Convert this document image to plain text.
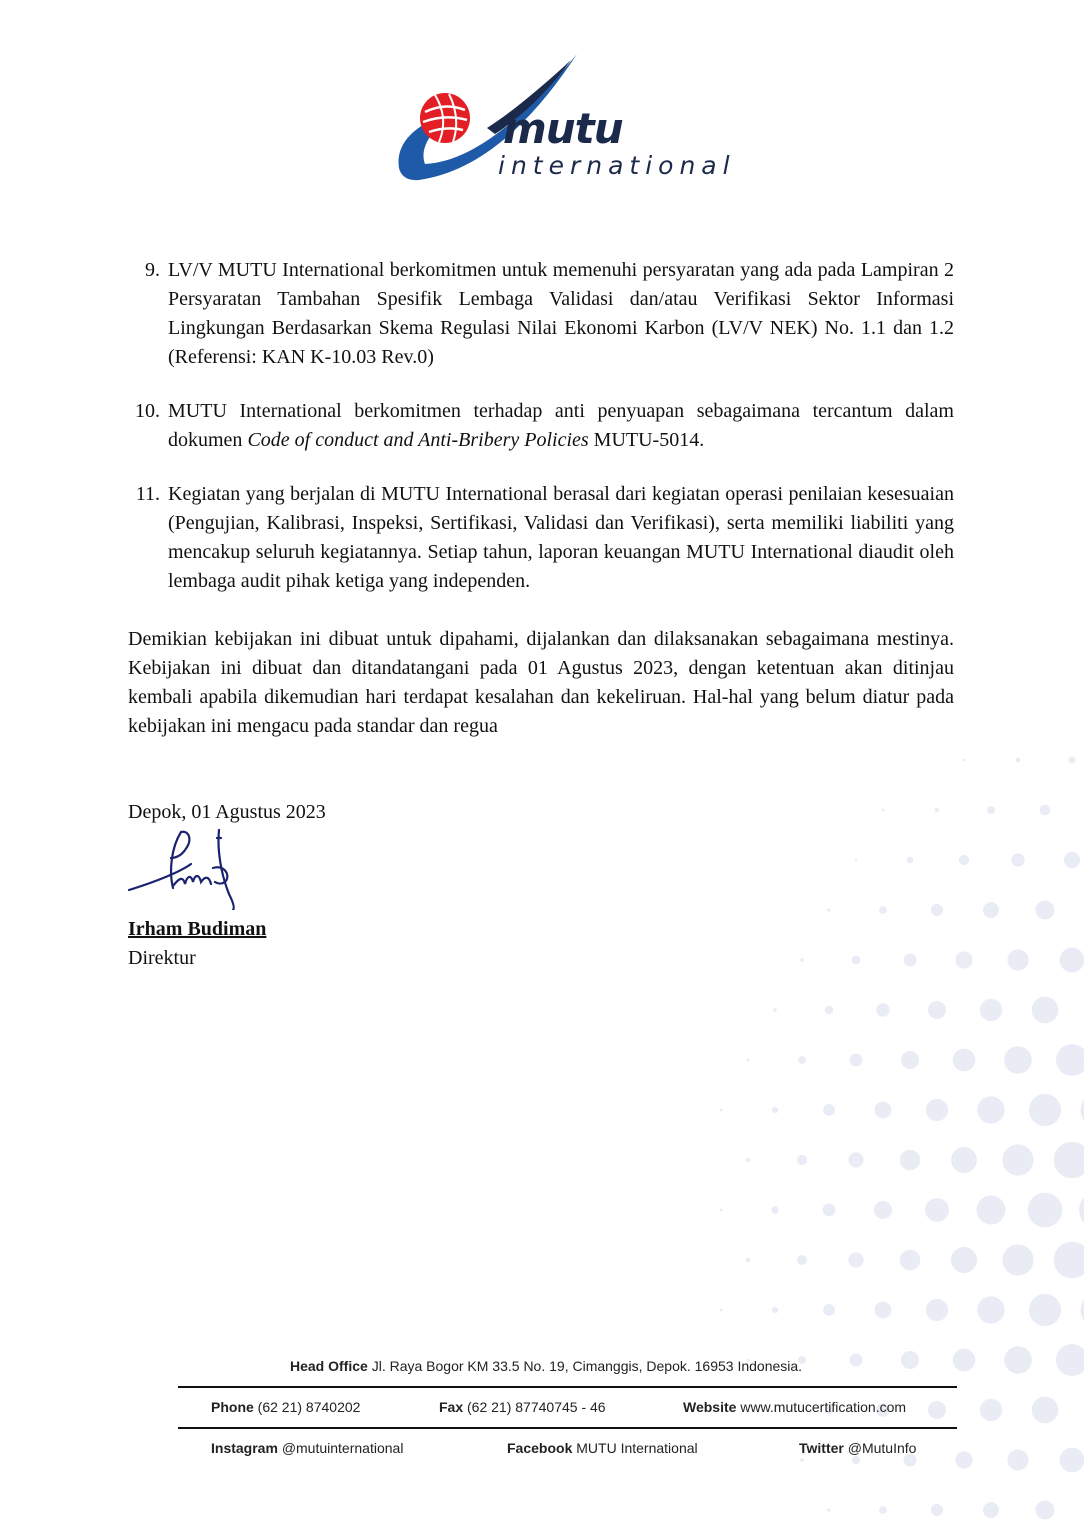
mutu
international
9. LV/V MUTU International berkomitmen untuk memenuhi persyaratan yang ada pada Lampiran 2 Persyaratan Tambahan Spesifik Lembaga Validasi dan/atau Verifikasi Sektor Informasi Lingkungan Berdasarkan Skema Regulasi Nilai Ekonomi Karbon (LV/V NEK) No. 1.1 dan 1.2 (Referensi: KAN K-10.03 Rev.0)
10. MUTU International berkomitmen terhadap anti penyuapan sebagaimana tercantum dalam dokumen Code of conduct and Anti-Bribery Policies MUTU-5014.
11. Kegiatan yang berjalan di MUTU International berasal dari kegiatan operasi penilaian kesesuaian (Pengujian, Kalibrasi, Inspeksi, Sertifikasi, Validasi dan Verifikasi), serta memiliki liabiliti yang mencakup seluruh kegiatannya. Setiap tahun, laporan keuangan MUTU International diaudit oleh lembaga audit pihak ketiga yang independen.
Demikian kebijakan ini dibuat untuk dipahami, dijalankan dan dilaksanakan sebagaimana mestinya. Kebijakan ini dibuat dan ditandatangani pada 01 Agustus 2023, dengan ketentuan akan ditinjau kembali apabila dikemudian hari terdapat kesalahan dan kekeliruan. Hal-hal yang belum diatur pada kebijakan ini mengacu pada standar dan regua
Depok, 01 Agustus 2023
Irham Budiman
Direktur
Head Office Jl. Raya Bogor KM 33.5 No. 19, Cimanggis, Depok. 16953 Indonesia.
Phone (62 21) 8740202	Fax (62 21) 87740745 - 46	Website www.mutucertification.com
Instagram @mutuinternational	Facebook MUTU International	Twitter @MutuInfo
